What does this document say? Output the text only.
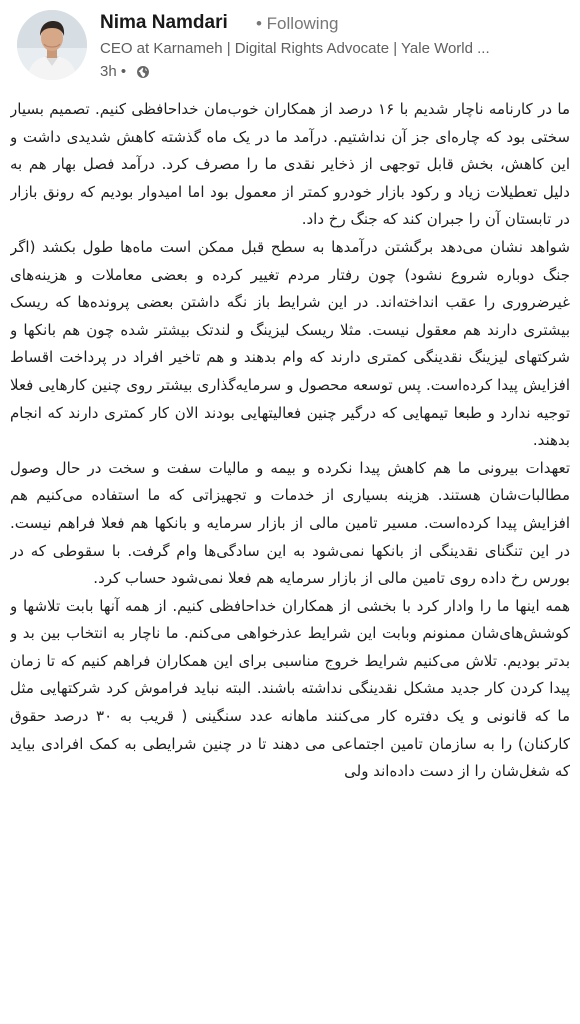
Nima Namdari • Following
CEO at Karnameh | Digital Rights Advocate | Yale World ...
3h •

ما در کارنامه ناچار شدیم با ۱۶ درصد از همکاران خوب‌مان خداحافظی کنیم. تصمیم بسیار سختی بود که چاره‌ای جز آن نداشتیم. درآمد ما در یک ماه گذشته کاهش شدیدی داشت و این کاهش، بخش قابل توجهی از ذخایر نقدی ما را مصرف کرد. درآمد فصل بهار هم به دلیل تعطیلات زیاد و رکود بازار خودرو کمتر از معمول بود اما امیدوار بودیم که رونق بازار در تابستان آن را جبران کند که جنگ رخ داد.

شواهد نشان می‌دهد برگشتن درآمدها به سطح قبل ممکن است ماه‌ها طول بکشد (اگر جنگ دوباره شروع نشود) چون رفتار مردم تغییر کرده و بعضی معاملات و هزینه‌های غیرضروری را عقب انداخته‌اند. در این شرایط باز نگه داشتن بعضی پرونده‌ها که ریسک بیشتری دارند هم معقول نیست. مثلا ریسک لیزینگ و لندتک بیشتر شده چون هم بانکها و شرکتهای لیزینگ نقدینگی کمتری دارند که وام بدهند و هم تاخیر افراد در پرداخت اقساط افزایش پیدا کرده‌است. پس توسعه محصول و سرمایه‌گذاری بیشتر روی چنین کارهایی فعلا توجیه ندارد و طبعا تیمهایی که درگیر چنین فعالیتهایی بودند الان کار کمتری دارند که انجام بدهند.

تعهدات بیرونی ما هم کاهش پیدا نکرده و بیمه و مالیات سفت و سخت در حال وصول مطالبات‌شان هستند. هزینه بسیاری از خدمات و تجهیزاتی که ما استفاده می‌کنیم هم افزایش پیدا کرده‌است. مسیر تامین مالی از بازار سرمایه و بانکها هم فعلا فراهم نیست. در این تنگنای نقدینگی از بانکها نمی‌شود به این سادگی‌ها وام گرفت. با سقوطی که در بورس رخ داده روی تامین مالی از بازار سرمایه هم فعلا نمی‌شود حساب کرد.

همه اینها ما را وادار کرد با بخشی از همکاران خداحافظی کنیم. از همه آنها بابت تلاشها و کوشش‌های‌شان ممنونم وبابت این شرایط عذرخواهی می‌کنم. ما ناچار به انتخاب بین بد و بدتر بودیم. تلاش می‌کنیم شرایط خروج مناسبی برای این همکاران فراهم کنیم که تا زمان پیدا کردن کار جدید مشکل نقدینگی نداشته باشند. البته نباید فراموش کرد شرکتهایی مثل ما که قانونی و یک دفتره کار می‌کنند ماهانه عدد سنگینی ( قریب به ۳۰ درصد حقوق کارکنان) را به سازمان تامین اجتماعی می دهند تا در چنین شرایطی به کمک افرادی بیاید که شغل‌شان را از دست داده‌اند ولی
